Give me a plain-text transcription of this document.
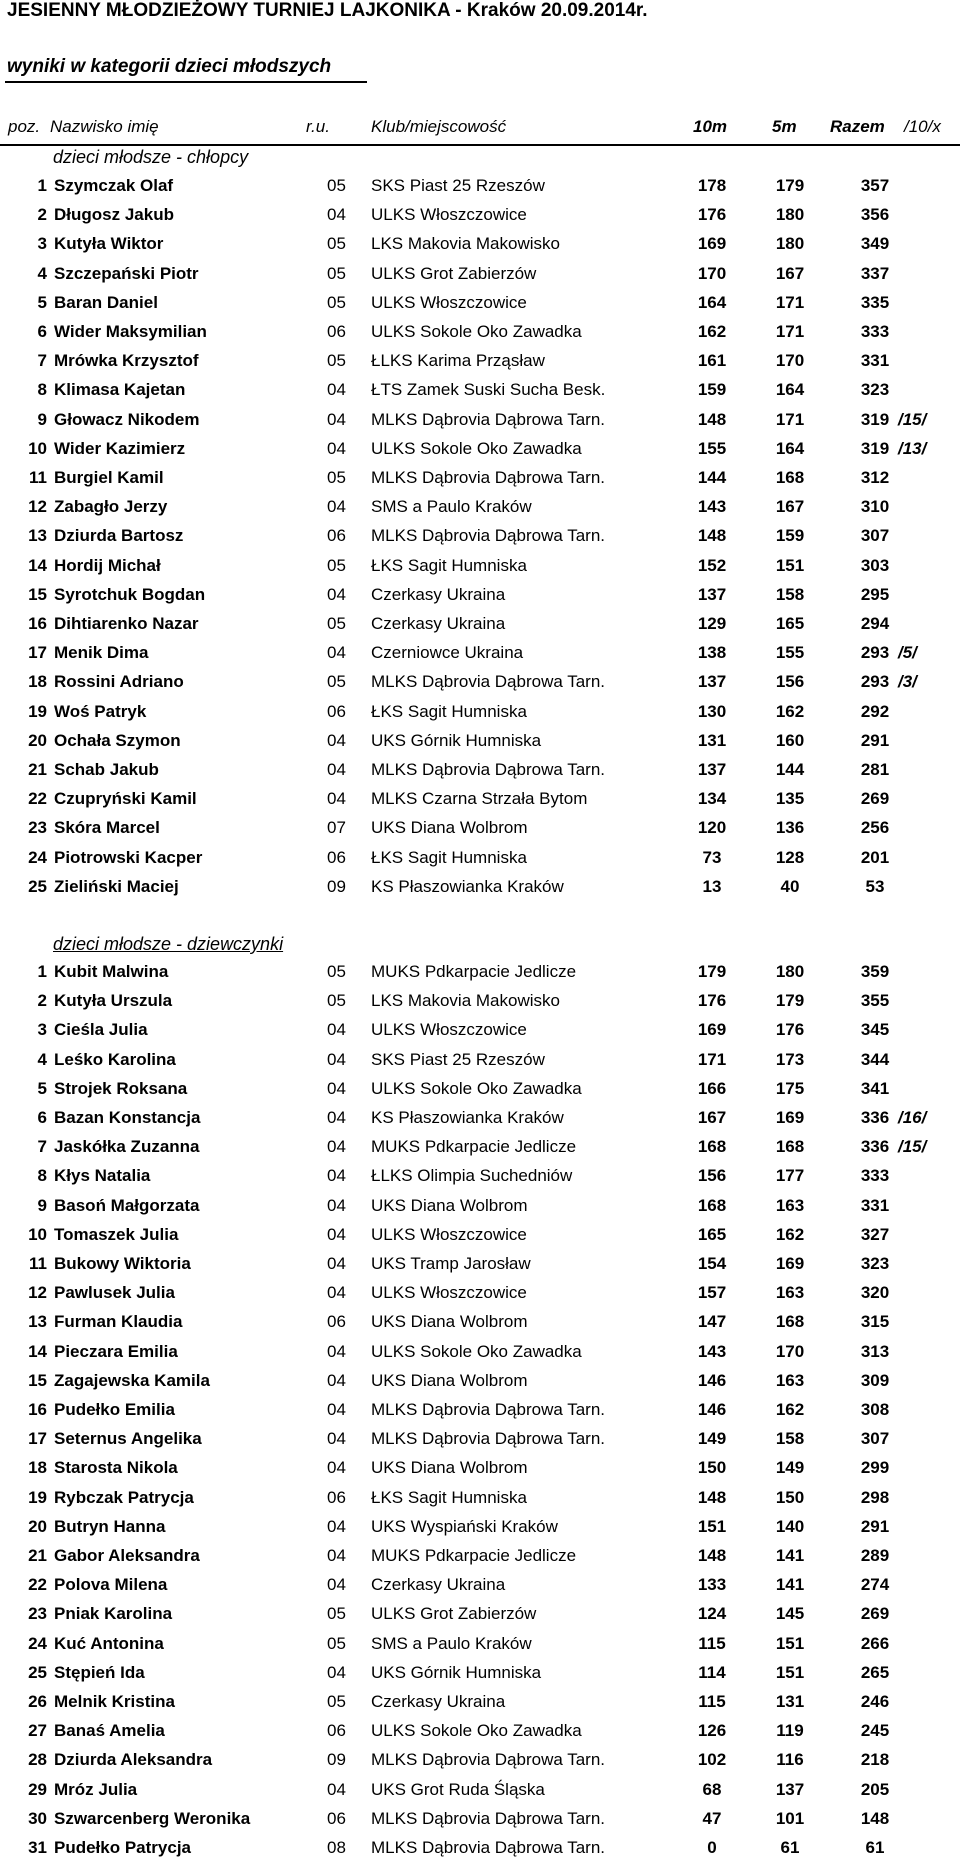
JESIENNY MŁODZIEŻOWY TURNIEJ LAJKONIKA - Kraków 20.09.2014r.
wyniki w kategorii dzieci młodszych
poz. Nazwisko imię	r.u. Klub/miejscowość	10m	5m Razem /10/x
dzieci młodsze - chłopcy
1 Szymczak Olaf	05 SKS Piast 25 Rzeszów	178	179	357
2 Długosz Jakub	04 ULKS Włoszczowice	176	180	356
3 Kutyła Wiktor	05 LKS Makovia Makowisko	169	180	349
4 Szczepański Piotr	05 ULKS Grot Zabierzów	170	167	337
5 Baran Daniel	05 ULKS Włoszczowice	164	171	335
6 Wider Maksymilian	06 ULKS Sokole Oko Zawadka	162	171	333
7 Mrówka Krzysztof	05 ŁLKS Karima Prząsław	161	170	331
8 Klimasa Kajetan	04 ŁTS Zamek Suski Sucha Besk.	159	164	323
9 Głowacz Nikodem	04 MLKS Dąbrovia Dąbrowa Tarn.	148	171	319 /15/
10 Wider Kazimierz	04 ULKS Sokole Oko Zawadka	155	164	319 /13/
11 Burgiel Kamil	05 MLKS Dąbrovia Dąbrowa Tarn.	144	168	312
12 Zabagło Jerzy	04 SMS a Paulo Kraków	143	167	310
13 Dziurda Bartosz	06 MLKS Dąbrovia Dąbrowa Tarn.	148	159	307
14 Hordij Michał	05 ŁKS Sagit Humniska	152	151	303
15 Syrotchuk Bogdan	04 Czerkasy Ukraina	137	158	295
16 Dihtiarenko Nazar	05 Czerkasy Ukraina	129	165	294
17 Menik Dima	04 Czerniowce Ukraina	138	155	293 /5/
18 Rossini Adriano	05 MLKS Dąbrovia Dąbrowa Tarn.	137	156	293 /3/
19 Woś Patryk	06 ŁKS Sagit Humniska	130	162	292
20 Ochała Szymon	04 UKS Górnik Humniska	131	160	291
21 Schab Jakub	04 MLKS Dąbrovia Dąbrowa Tarn.	137	144	281
22 Czupryński Kamil	04 MLKS Czarna Strzała Bytom	134	135	269
23 Skóra Marcel	07 UKS Diana Wolbrom	120	136	256
24 Piotrowski Kacper	06 ŁKS Sagit Humniska	73	128	201
25 Zieliński Maciej	09 KS Płaszowianka Kraków	13	40	53
dzieci młodsze - dziewczynki
1 Kubit Malwina	05 MUKS Pdkarpacie Jedlicze	179	180	359
2 Kutyła Urszula	05 LKS Makovia Makowisko	176	179	355
3 Cieśla Julia	04 ULKS Włoszczowice	169	176	345
4 Leśko Karolina	04 SKS Piast 25 Rzeszów	171	173	344
5 Strojek Roksana	04 ULKS Sokole Oko Zawadka	166	175	341
6 Bazan Konstancja	04 KS Płaszowianka Kraków	167	169	336 /16/
7 Jaskółka Zuzanna	04 MUKS Pdkarpacie Jedlicze	168	168	336 /15/
8 Kłys Natalia	04 ŁLKS Olimpia Suchedniów	156	177	333
9 Basoń Małgorzata	04 UKS Diana Wolbrom	168	163	331
10 Tomaszek Julia	04 ULKS Włoszczowice	165	162	327
11 Bukowy Wiktoria	04 UKS Tramp Jarosław	154	169	323
12 Pawlusek Julia	04 ULKS Włoszczowice	157	163	320
13 Furman Klaudia	06 UKS Diana Wolbrom	147	168	315
14 Pieczara Emilia	04 ULKS Sokole Oko Zawadka	143	170	313
15 Zagajewska Kamila	04 UKS Diana Wolbrom	146	163	309
16 Pudełko Emilia	04 MLKS Dąbrovia Dąbrowa Tarn.	146	162	308
17 Seternus Angelika	04 MLKS Dąbrovia Dąbrowa Tarn.	149	158	307
18 Starosta Nikola	04 UKS Diana Wolbrom	150	149	299
19 Rybczak Patrycja	06 ŁKS Sagit Humniska	148	150	298
20 Butryn Hanna	04 UKS Wyspiański Kraków	151	140	291
21 Gabor Aleksandra	04 MUKS Pdkarpacie Jedlicze	148	141	289
22 Polova Milena	04 Czerkasy Ukraina	133	141	274
23 Pniak Karolina	05 ULKS Grot Zabierzów	124	145	269
24 Kuć Antonina	05 SMS a Paulo Kraków	115	151	266
25 Stępień Ida	04 UKS Górnik Humniska	114	151	265
26 Melnik Kristina	05 Czerkasy Ukraina	115	131	246
27 Banaś Amelia	06 ULKS Sokole Oko Zawadka	126	119	245
28 Dziurda Aleksandra	09 MLKS Dąbrovia Dąbrowa Tarn.	102	116	218
29 Mróz Julia	04 UKS Grot Ruda Śląska	68	137	205
30 Szwarcenberg Weronika	06 MLKS Dąbrovia Dąbrowa Tarn.	47	101	148
31 Pudełko Patrycja	08 MLKS Dąbrovia Dąbrowa Tarn.	0	61	61
